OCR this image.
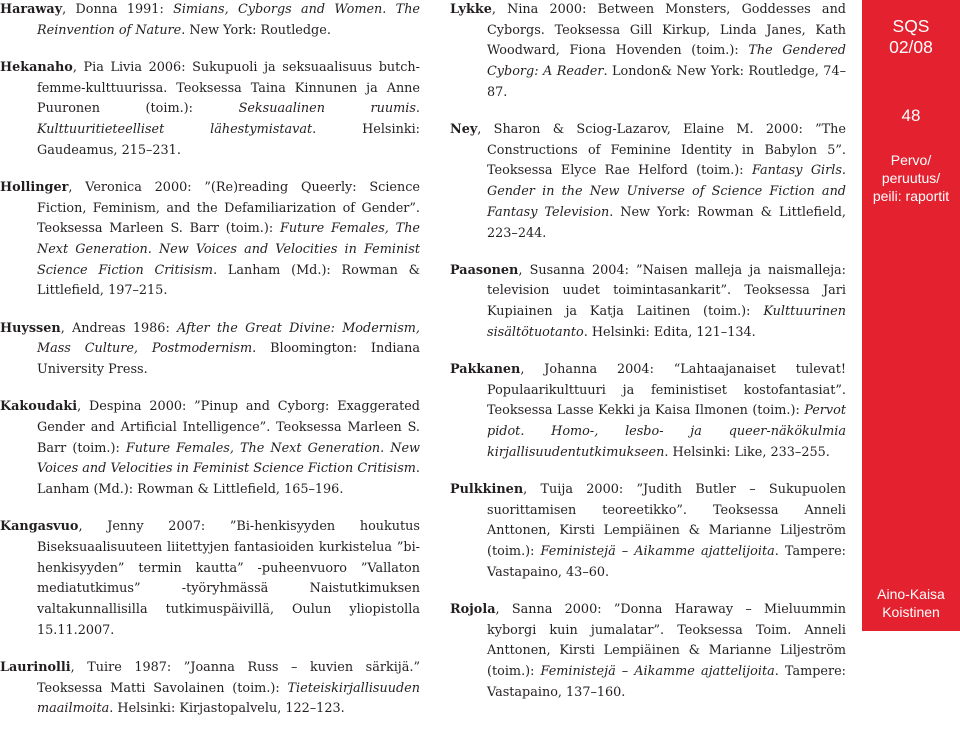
Haraway, Donna 1991: Simians, Cyborgs and Women. The Reinvention of Nature. New York: Routledge.

Hekanaho, Pia Livia 2006: Sukupuoli ja seksuaalisuus butch-femme-kulttuurissa. Teoksessa Taina Kinnunen ja Anne Puuronen (toim.): Seksuaalinen ruumis. Kulttuuritieteelliset lähestymistavat. Helsinki: Gaudeamus, 215–231.

Hollinger, Veronica 2000: ”(Re)reading Queerly: Science Fiction, Feminism, and the Defamiliarization of Gender”. Teoksessa Marleen S. Barr (toim.): Future Females, The Next Generation. New Voices and Velocities in Feminist Science Fiction Critisism. Lanham (Md.): Rowman & Littlefield, 197–215.

Huyssen, Andreas 1986: After the Great Divine: Modernism, Mass Culture, Postmodernism. Bloomington: Indiana University Press.

Kakoudaki, Despina 2000: ”Pinup and Cyborg: Exaggerated Gender and Artificial Intelligence”. Teoksessa Marleen S. Barr (toim.): Future Females, The Next Generation. New Voices and Velocities in Feminist Science Fiction Critisism. Lanham (Md.): Rowman & Littlefield, 165–196.

Kangasvuo, Jenny 2007: ”Bi-henkisyyden houkutus Biseksuaalisuuteen liitettyjen fantasioiden kurkistelua ”bi-henkisyyden” termin kautta” -puheenvuoro ”Vallaton mediatutkimus” -työryhmässä Naistutkimuksen valtakunnallisilla tutkimuspäivillä, Oulun yliopistolla 15.11.2007.

Laurinolli, Tuire 1987: ”Joanna Russ – kuvien särkijä.” Teoksessa Matti Savolainen (toim.): Tieteiskirjallisuuden maailmoita. Helsinki: Kirjastopalvelu, 122–123.

Lykke, Nina 2000: Between Monsters, Goddesses and Cyborgs. Teoksessa Gill Kirkup, Linda Janes, Kath Woodward, Fiona Hovenden (toim.): The Gendered Cyborg: A Reader. London& New York: Routledge, 74–87.

Ney, Sharon & Sciog-Lazarov, Elaine M. 2000: ”The Constructions of Feminine Identity in Babylon 5”. Teoksessa Elyce Rae Helford (toim.): Fantasy Girls. Gender in the New Universe of Science Fiction and Fantasy Television. New York: Rowman & Littlefield, 223–244.

Paasonen, Susanna 2004: ”Naisen malleja ja naismalleja: television uudet toimintasankarit”. Teoksessa Jari Kupiainen ja Katja Laitinen (toim.): Kulttuurinen sisältötuotanto. Helsinki: Edita, 121–134.

Pakkanen, Johanna 2004: “Lahtaajanaiset tulevat! Populaarikulttuuri ja feministiset kostofantasiat”. Teoksessa Lasse Kekki ja Kaisa Ilmonen (toim.): Pervot pidot. Homo-, lesbo- ja queer-näkökulmia kirjallisuudentutkimukseen. Helsinki: Like, 233–255.

Pulkkinen, Tuija 2000: ”Judith Butler – Sukupuolen suorittamisen teoreetikko”. Teoksessa Anneli Anttonen, Kirsti Lempiäinen & Marianne Liljeström (toim.): Feministejä – Aikamme ajattelijoita. Tampere: Vastapaino, 43–60.

Rojola, Sanna 2000: ”Donna Haraway – Mieluummin kyborgi kuin jumalatar”. Teoksessa Toim. Anneli Anttonen, Kirsti Lempiäinen & Marianne Liljeström (toim.): Feministejä – Aikamme ajattelijoita. Tampere: Vastapaino, 137–160.

SQS
02/08
48
Pervo/
peruutus/
peili: raportit
Aino-Kaisa
Koistinen
